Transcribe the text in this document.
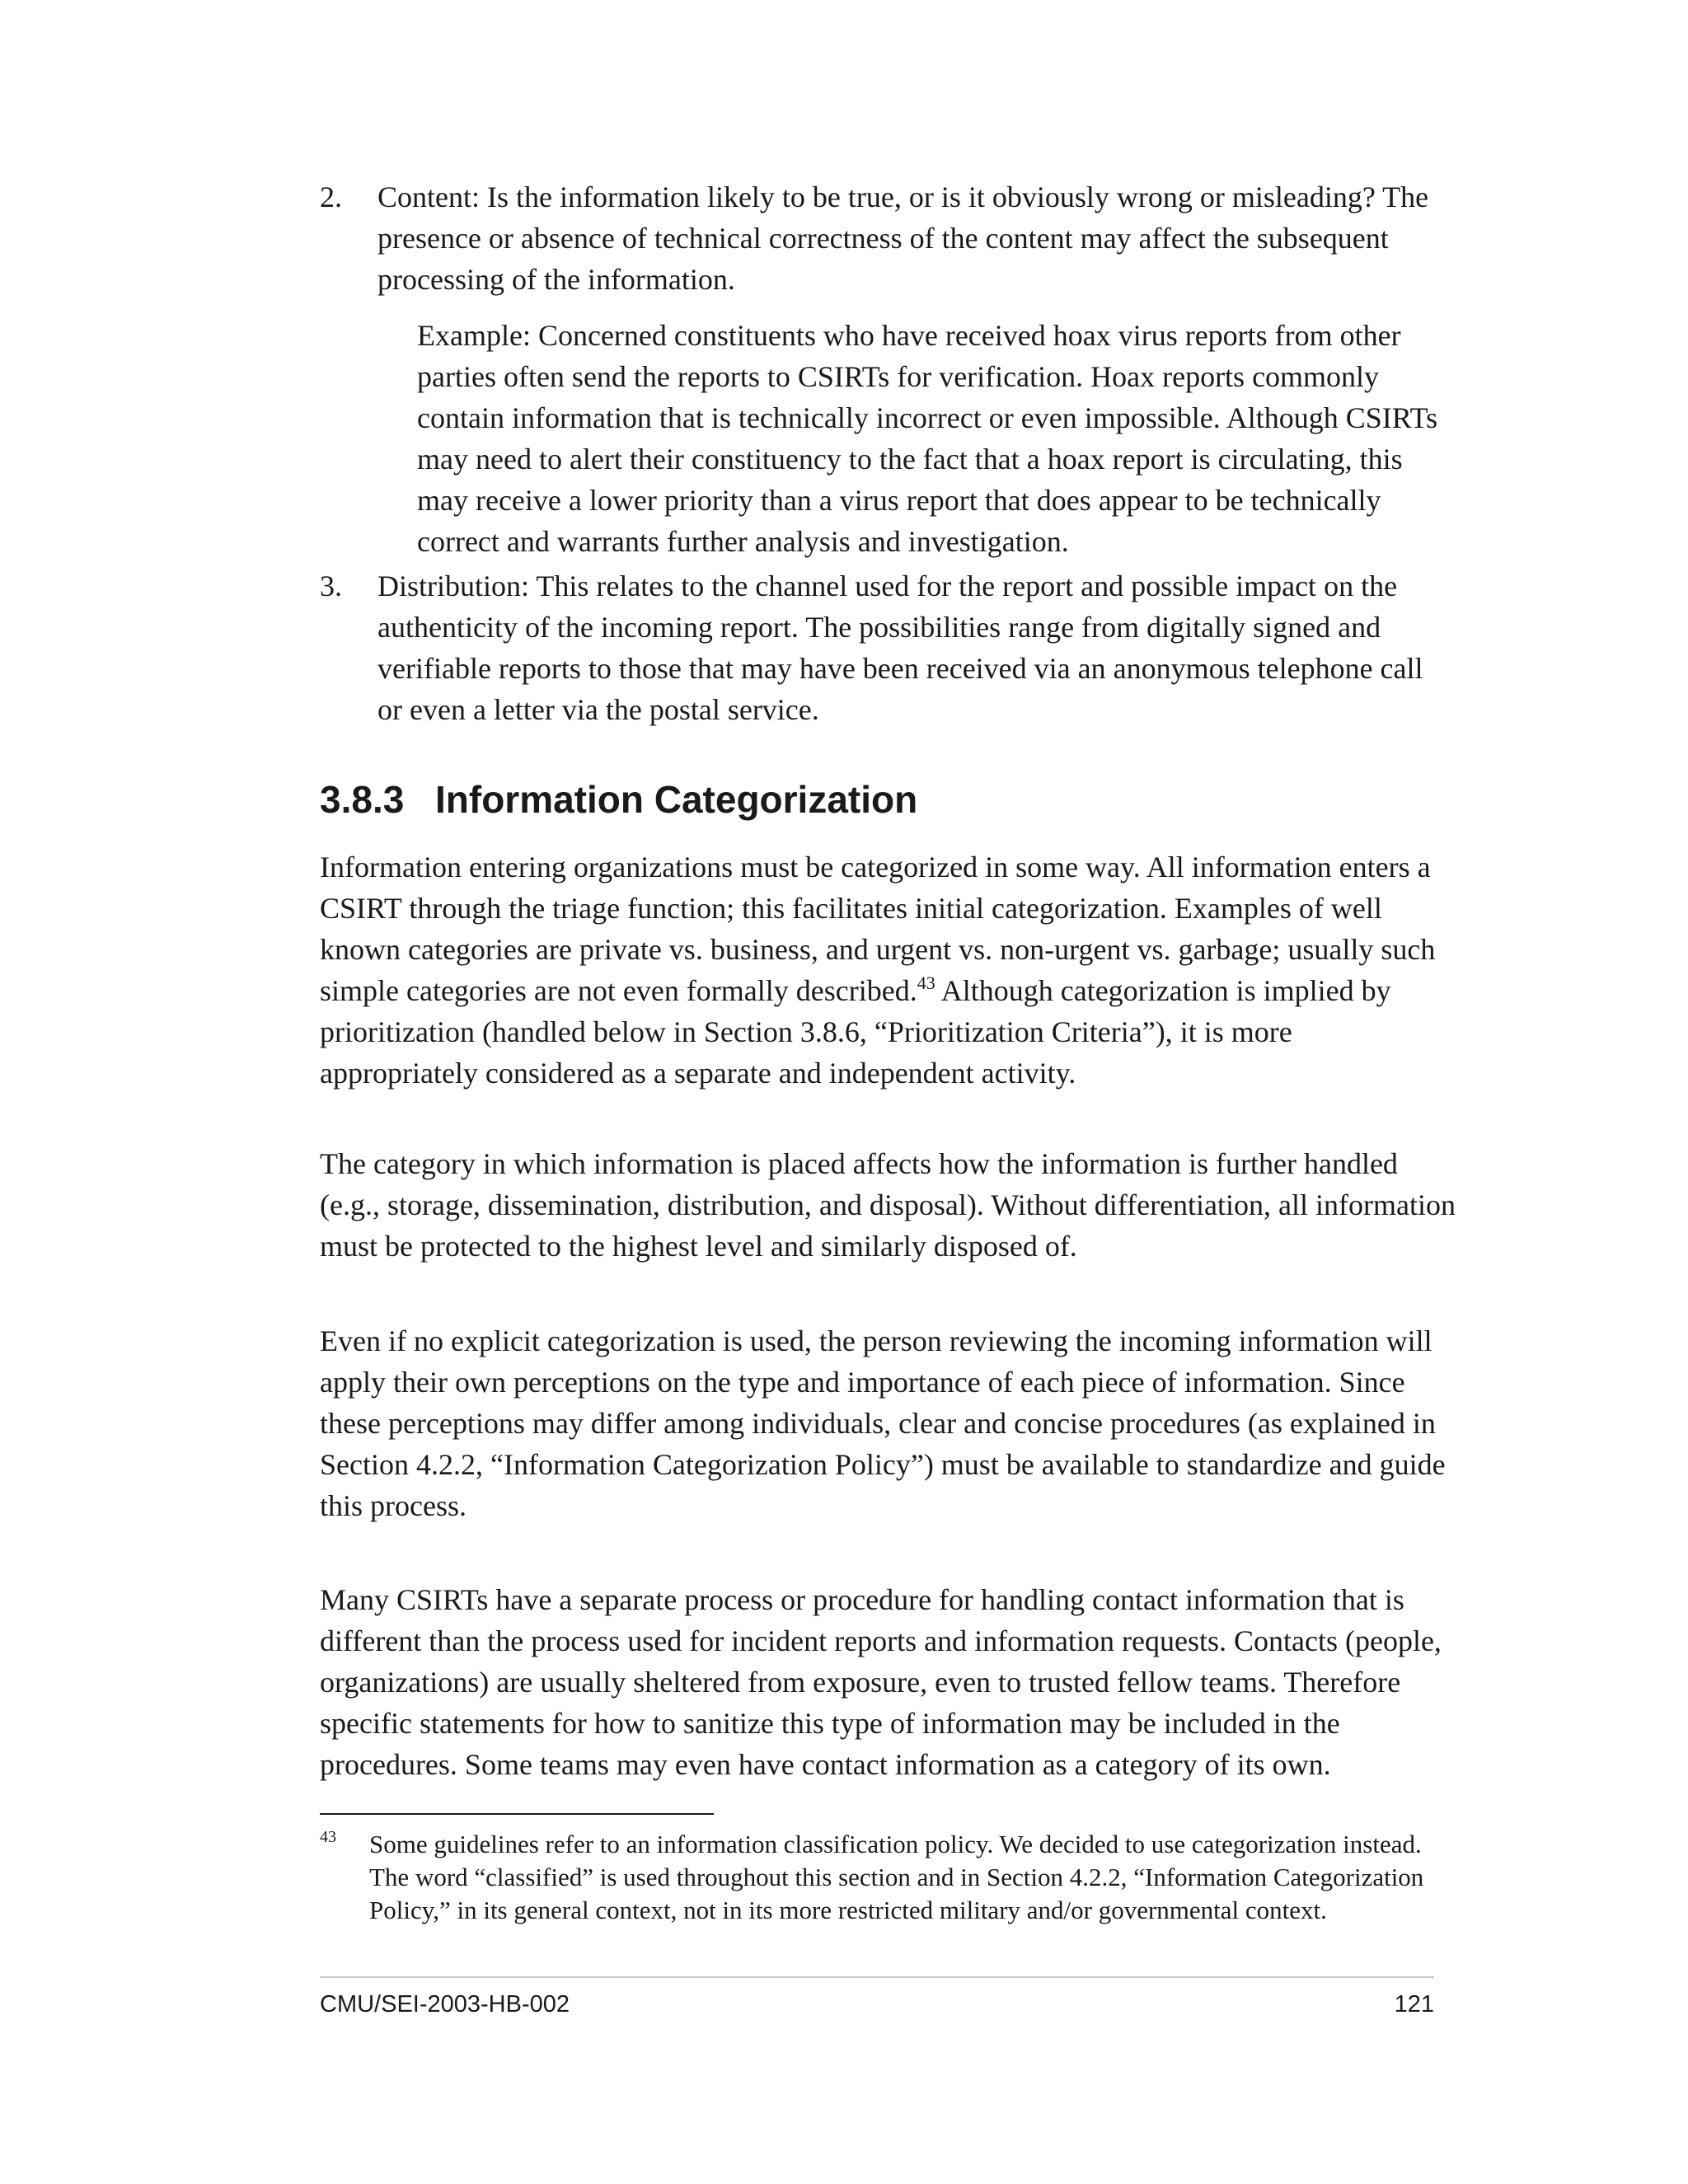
2.	Content: Is the information likely to be true, or is it obviously wrong or misleading? The presence or absence of technical correctness of the content may affect the subsequent processing of the information.
Example: Concerned constituents who have received hoax virus reports from other parties often send the reports to CSIRTs for verification. Hoax reports commonly contain information that is technically incorrect or even impossible. Although CSIRTs may need to alert their constituency to the fact that a hoax report is circulating, this may receive a lower priority than a virus report that does appear to be technically correct and warrants further analysis and investigation.
3.	Distribution: This relates to the channel used for the report and possible impact on the authenticity of the incoming report. The possibilities range from digitally signed and verifiable reports to those that may have been received via an anonymous telephone call or even a letter via the postal service.
3.8.3 Information Categorization
Information entering organizations must be categorized in some way. All information enters a CSIRT through the triage function; this facilitates initial categorization. Examples of well known categories are private vs. business, and urgent vs. non-urgent vs. garbage; usually such simple categories are not even formally described.$^{43}$ Although categorization is implied by prioritization (handled below in Section 3.8.6, “Prioritization Criteria”), it is more appropriately considered as a separate and independent activity.
The category in which information is placed affects how the information is further handled (e.g., storage, dissemination, distribution, and disposal). Without differentiation, all information must be protected to the highest level and similarly disposed of.
Even if no explicit categorization is used, the person reviewing the incoming information will apply their own perceptions on the type and importance of each piece of information. Since these perceptions may differ among individuals, clear and concise procedures (as explained in Section 4.2.2, “Information Categorization Policy”) must be available to standardize and guide this process.
Many CSIRTs have a separate process or procedure for handling contact information that is different than the process used for incident reports and information requests. Contacts (people, organizations) are usually sheltered from exposure, even to trusted fellow teams. Therefore specific statements for how to sanitize this type of information may be included in the procedures. Some teams may even have contact information as a category of its own.
43 Some guidelines refer to an information classification policy. We decided to use categorization instead. The word “classified” is used throughout this section and in Section 4.2.2, “Information Categorization Policy,” in its general context, not in its more restricted military and/or governmental context.
CMU/SEI-2003-HB-002	121
